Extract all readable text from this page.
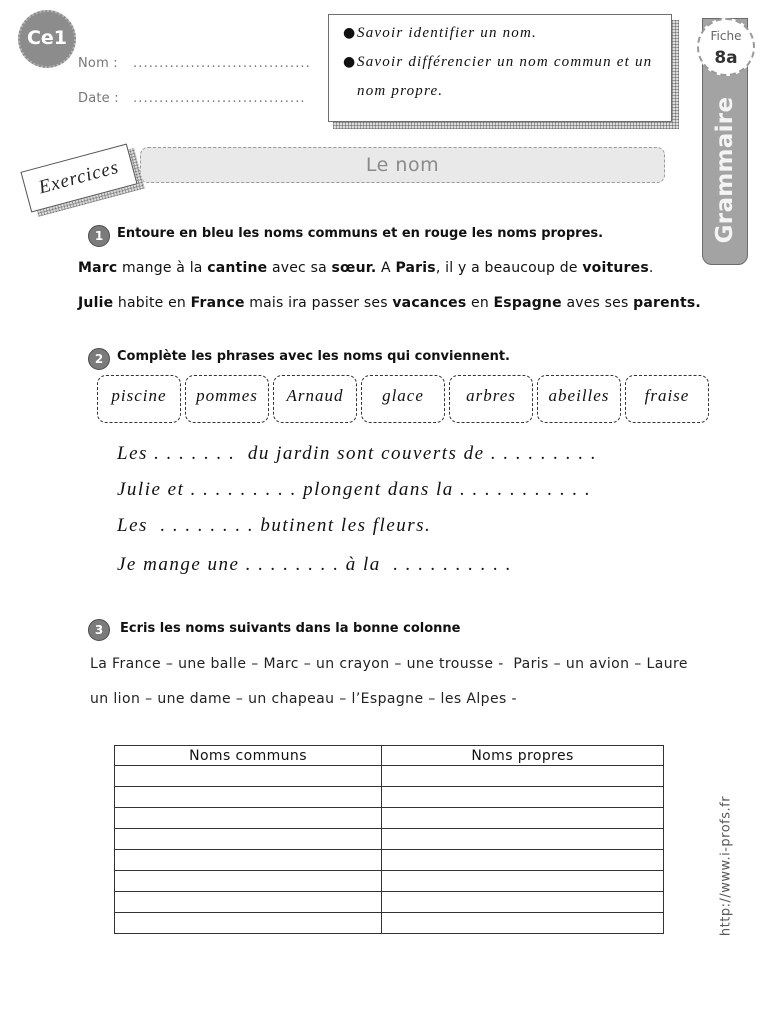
Ce1
Nom : ..................................
Date : .................................
● Savoir identifier un nom.
● Savoir différencier un nom commun et un nom propre.
Grammaire
Fiche
8a
Le nom
Exercices
1	Entoure en bleu les noms communs et en rouge les noms propres.
Marc mange à la cantine avec sa sœur. A Paris, il y a beaucoup de voitures.
Julie habite en France mais ira passer ses vacances en Espagne aves ses parents.
2	Complète les phrases avec les noms qui conviennent.
piscine	pommes	Arnaud	glace	arbres	abeilles	fraise
Les . . . . . . .  du jardin sont couverts de . . . . . . . . .
Julie et . . . . . . . . . plongent dans la . . . . . . . . . . .
Les  . . . . . . . . butinent les fleurs.
Je mange une . . . . . . . . à la  . . . . . . . . . .
3	Ecris les noms suivants dans la bonne colonne
La France – une balle – Marc – un crayon – une trousse -  Paris – un avion – Laure
un lion – une dame – un chapeau – l’Espagne – les Alpes -
Noms communs	Noms propres

http://www.i-profs.fr
